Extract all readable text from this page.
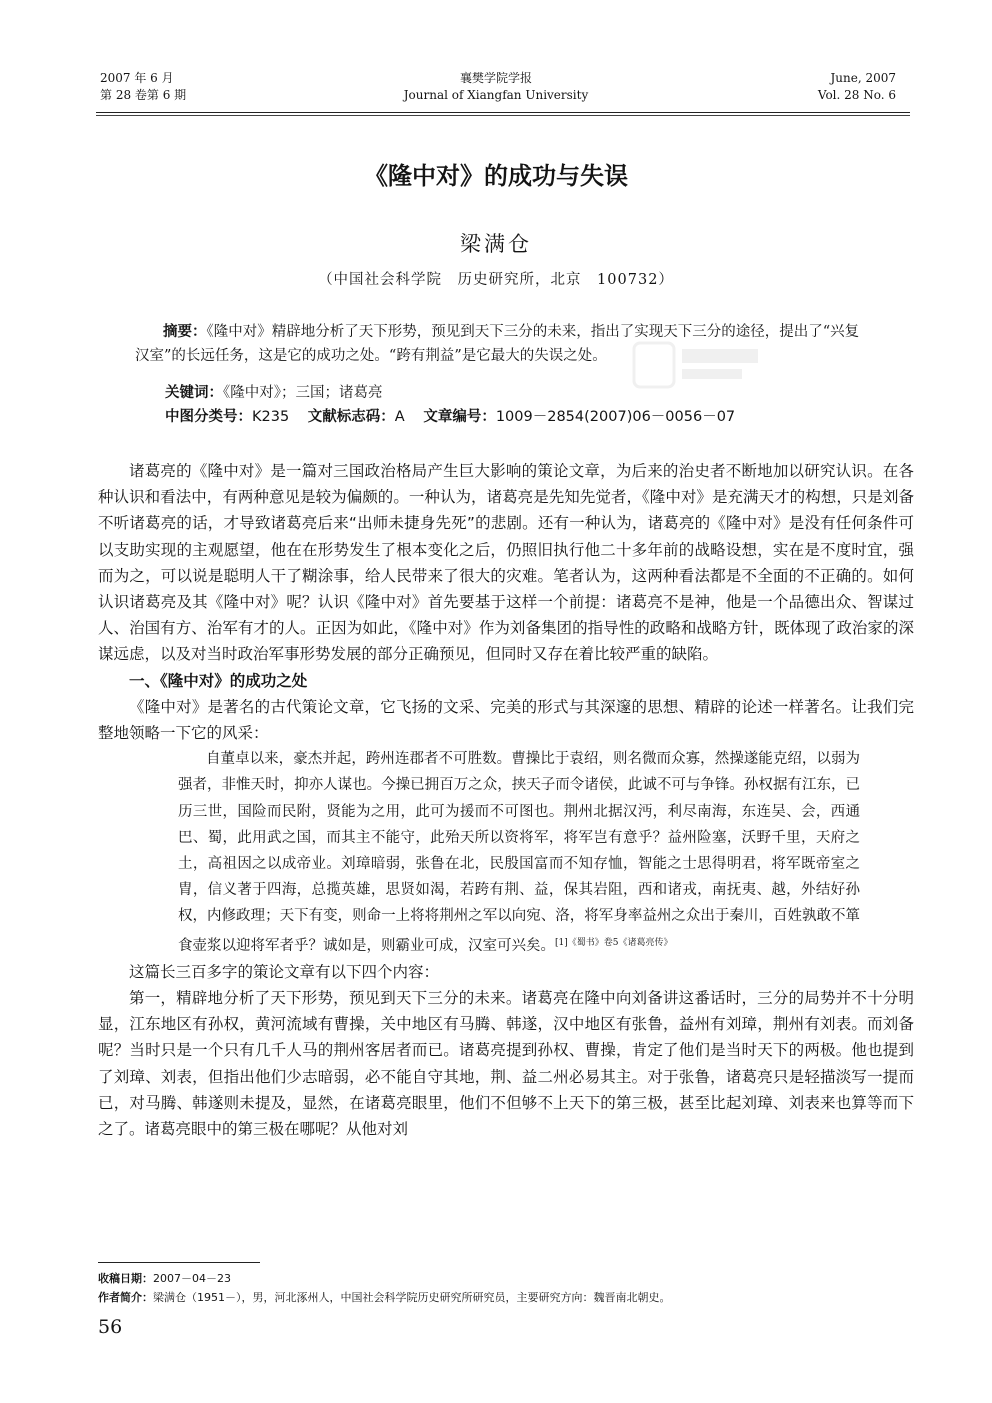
2007 年 6 月
第 28 卷第 6 期
襄樊学院学报
Journal of Xiangfan University
June, 2007
Vol. 28 No. 6
《隆中对》的成功与失误
梁满仓
（中国社会科学院　历史研究所，北京　100732）
摘要：《隆中对》精辟地分析了天下形势，预见到天下三分的未来，指出了实现天下三分的途径，提出了“兴复汉室”的长远任务，这是它的成功之处。“跨有荆益”是它最大的失误之处。
关键词：《隆中对》；三国；诸葛亮
中图分类号：K235 文献标志码：A 文章编号：1009－2854(2007)06－0056－07

诸葛亮的《隆中对》是一篇对三国政治格局产生巨大影响的策论文章，为后来的治史者不断地加以研究认识。在各种认识和看法中，有两种意见是较为偏颇的。一种认为，诸葛亮是先知先觉者，《隆中对》是充满天才的构想，只是刘备不听诸葛亮的话，才导致诸葛亮后来“出师未捷身先死”的悲剧。还有一种认为，诸葛亮的《隆中对》是没有任何条件可以支助实现的主观愿望，他在在形势发生了根本变化之后，仍照旧执行他二十多年前的战略设想，实在是不度时宜，强而为之，可以说是聪明人干了糊涂事，给人民带来了很大的灾难。笔者认为，这两种看法都是不全面的不正确的。如何认识诸葛亮及其《隆中对》呢？认识《隆中对》首先要基于这样一个前提：诸葛亮不是神，他是一个品德出众、智谋过人、治国有方、治军有才的人。正因为如此，《隆中对》作为刘备集团的指导性的政略和战略方针，既体现了政治家的深谋远虑，以及对当时政治军事形势发展的部分正确预见，但同时又存在着比较严重的缺陷。

一、《隆中对》的成功之处

《隆中对》是著名的古代策论文章，它飞扬的文采、完美的形式与其深邃的思想、精辟的论述一样著名。让我们完整地领略一下它的风采：

自董卓以来，豪杰并起，跨州连郡者不可胜数。曹操比于袁绍，则名微而众寡，然操遂能克绍，以弱为强者，非惟天时，抑亦人谋也。今操已拥百万之众，挟天子而令诸侯，此诚不可与争锋。孙权据有江东，已历三世，国险而民附，贤能为之用，此可为援而不可图也。荆州北据汉沔，利尽南海，东连吴、会，西通巴、蜀，此用武之国，而其主不能守，此殆天所以资将军，将军岂有意乎？益州险塞，沃野千里，天府之土，高祖因之以成帝业。刘璋暗弱，张鲁在北，民殷国富而不知存恤，智能之士思得明君，将军既帝室之胄，信义著于四海，总揽英雄，思贤如渴，若跨有荆、益，保其岩阻，西和诸戎，南抚夷、越，外结好孙权，内修政理；天下有变，则命一上将将荆州之军以向宛、洛，将军身率益州之众出于秦川，百姓孰敢不箪食壶浆以迎将军者乎？诚如是，则霸业可成，汉室可兴矣。$^{[1]《蜀书》卷5《诸葛亮传》}$

这篇长三百多字的策论文章有以下四个内容：

第一，精辟地分析了天下形势，预见到天下三分的未来。诸葛亮在隆中向刘备讲这番话时，三分的局势并不十分明显，江东地区有孙权，黄河流域有曹操，关中地区有马腾、韩遂，汉中地区有张鲁，益州有刘璋，荆州有刘表。而刘备呢？当时只是一个只有几千人马的荆州客居者而已。诸葛亮提到孙权、曹操，肯定了他们是当时天下的两极。他也提到了刘璋、刘表，但指出他们少志暗弱，必不能自守其地，荆、益二州必易其主。对于张鲁，诸葛亮只是轻描淡写一提而已，对马腾、韩遂则未提及，显然，在诸葛亮眼里，他们不但够不上天下的第三极，甚至比起刘璋、刘表来也算等而下之了。诸葛亮眼中的第三极在哪呢？从他对刘

收稿日期：2007－04－23
作者简介：梁满仓（1951－），男，河北涿州人，中国社会科学院历史研究所研究员，主要研究方向：魏晋南北朝史。
56
